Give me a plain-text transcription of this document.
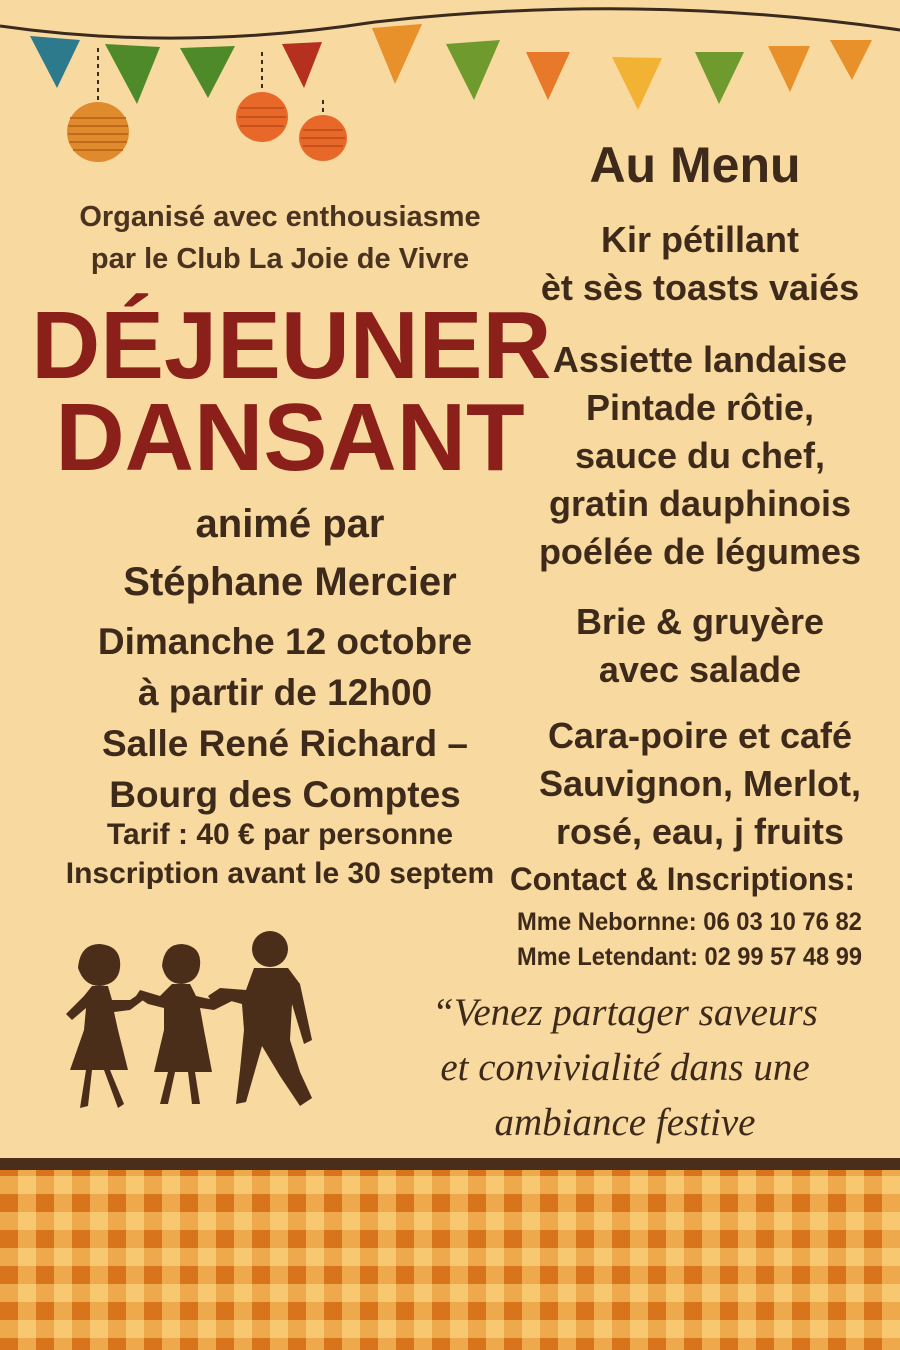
Organisé avec enthousiasme
par le Club La Joie de Vivre
DÉJEUNER
DANSANT
animé par
Stéphane Mercier
Dimanche 12 octobre
à partir de 12h00
Salle René Richard –
Bourg des Comptes
Tarif : 40 € par personne
Inscription avant le 30 septem
Au Menu
Kir pétillant
èt sès toasts vaiés
Assiette landaise
Pintade rôtie,
sauce du chef,
gratin dauphinois
poélée de légumes
Brie & gruyère
avec salade
Cara-poire et café
Sauvignon, Merlot,
rosé, eau, j fruits
Contact & Inscriptions:
Mme Nebornne: 06 03 10 76 82
Mme Letendant: 02 99 57 48 99
“Venez partager saveurs
et convivialité dans une
ambiance festive
